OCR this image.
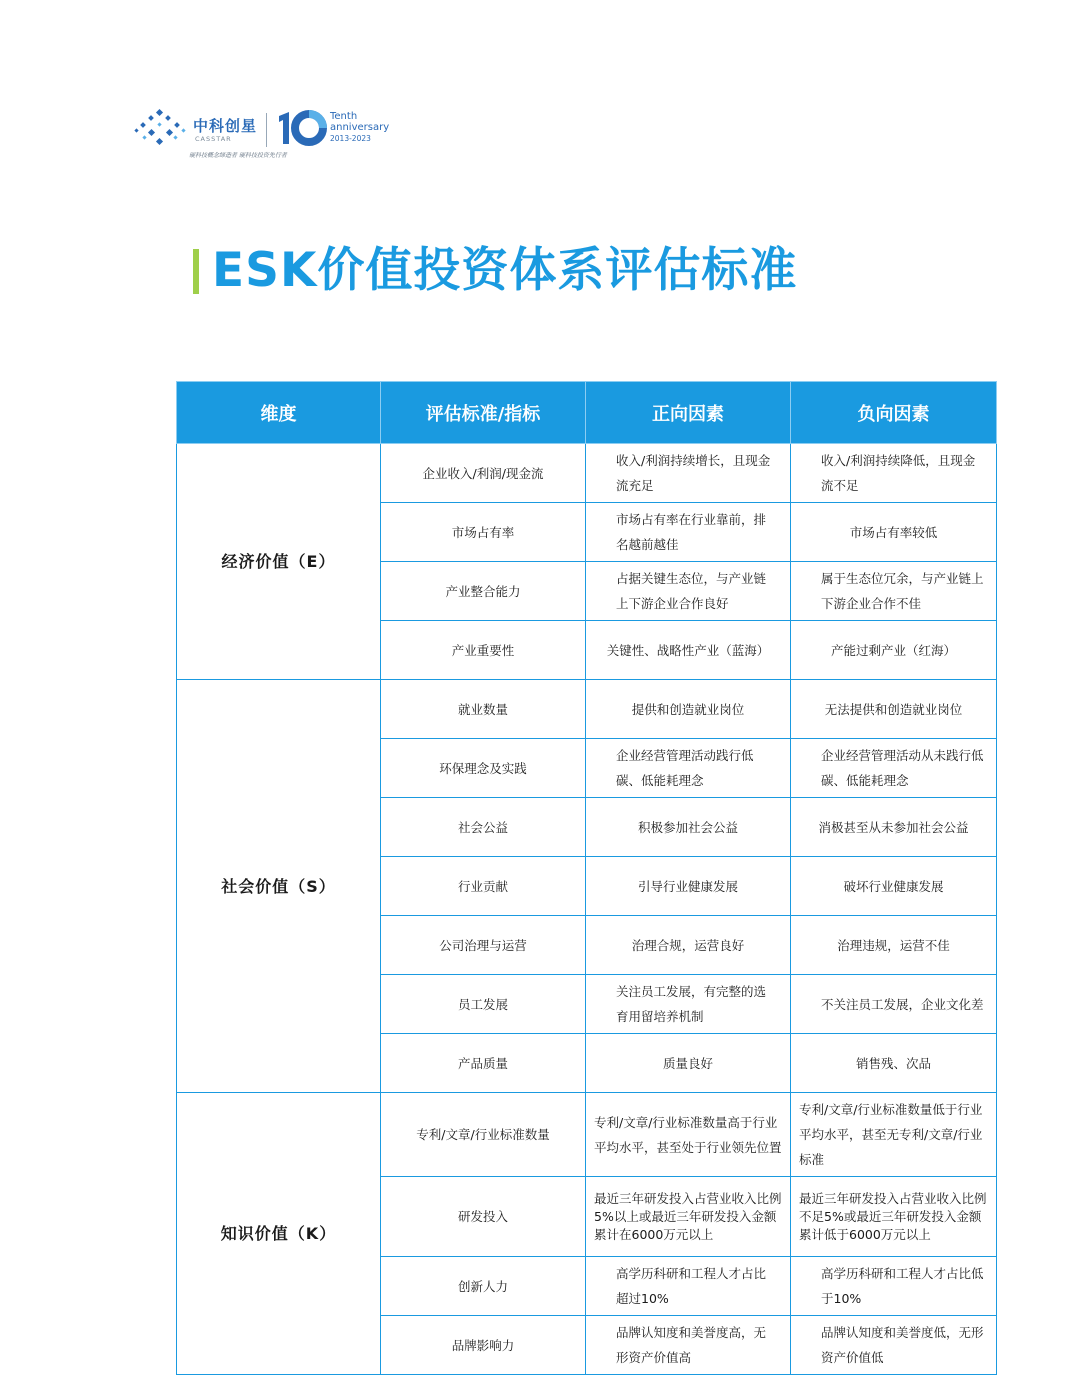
中科创星
CASSTAR
Tenth
anniversary
2013-2023
硬科技概念缔造者 硬科技投资先行者
ESK价值投资体系评估标准
维度	评估标准/指标	正向因素	负向因素
经济价值（E）	企业收入/利润/现金流	收入/利润持续增长，且现金流充足	收入/利润持续降低，且现金流不足
	市场占有率	市场占有率在行业靠前，排名越前越佳	市场占有率较低
	产业整合能力	占据关键生态位，与产业链上下游企业合作良好	属于生态位冗余，与产业链上下游企业合作不佳
	产业重要性	关键性、战略性产业（蓝海）	产能过剩产业（红海）
社会价值（S）	就业数量	提供和创造就业岗位	无法提供和创造就业岗位
	环保理念及实践	企业经营管理活动践行低碳、低能耗理念	企业经营管理活动从未践行低碳、低能耗理念
	社会公益	积极参加社会公益	消极甚至从未参加社会公益
	行业贡献	引导行业健康发展	破坏行业健康发展
	公司治理与运营	治理合规，运营良好	治理违规，运营不佳
	员工发展	关注员工发展，有完整的选育用留培养机制	不关注员工发展，企业文化差
	产品质量	质量良好	销售残、次品
知识价值（K）	专利/文章/行业标准数量	专利/文章/行业标准数量高于行业平均水平，甚至处于行业领先位置	专利/文章/行业标准数量低于行业平均水平，甚至无专利/文章/行业标准
	研发投入	最近三年研发投入占营业收入比例5%以上或最近三年研发投入金额累计在6000万元以上	最近三年研发投入占营业收入比例不足5%或最近三年研发投入金额累计低于6000万元以上
	创新人力	高学历科研和工程人才占比超过10%	高学历科研和工程人才占比低于10%
	品牌影响力	品牌认知度和美誉度高，无形资产价值高	品牌认知度和美誉度低，无形资产价值低
